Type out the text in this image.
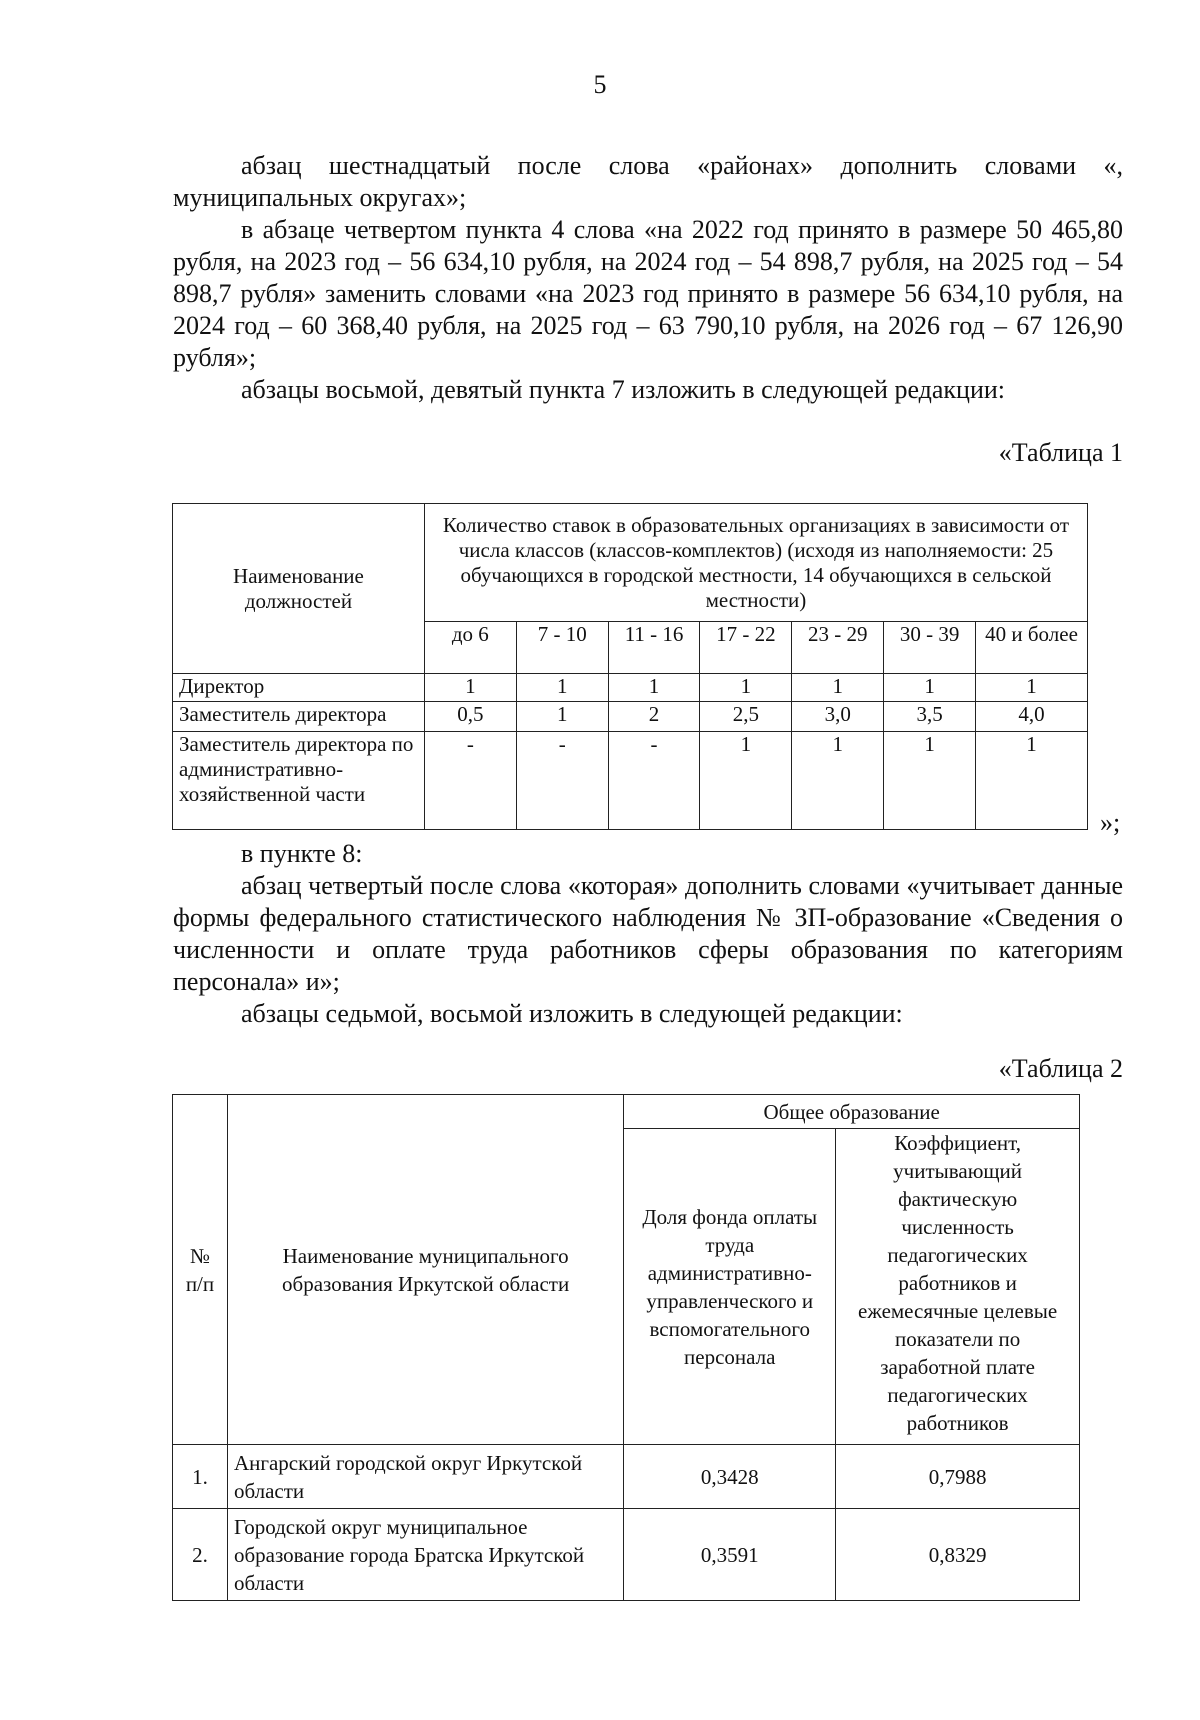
5

абзац шестнадцатый после слова «районах» дополнить словами «, муниципальных округах»;

в абзаце четвертом пункта 4 слова «на 2022 год принято в размере 50 465,80 рубля, на 2023 год – 56 634,10 рубля, на 2024 год – 54 898,7 рубля, на 2025 год – 54 898,7 рубля» заменить словами «на 2023 год принято в размере 56 634,10 рубля, на 2024 год – 60 368,40 рубля, на 2025 год – 63 790,10 рубля, на 2026 год – 67 126,90 рубля»;

абзацы восьмой, девятый пункта 7 изложить в следующей редакции:

«Таблица 1
Наименование должностей	Количество ставок в образовательных организациях в зависимости от числа классов (классов-комплектов) (исходя из наполняемости: 25 обучающихся в городской местности, 14 обучающихся в сельской местности)						
	до 6	7 - 10	11 - 16	17 - 22	23 - 29	30 - 39	40 и более
Директор	1	1	1	1	1	1	1
Заместитель директора	0,5	1	2	2,5	3,0	3,5	4,0
Заместитель директора по административно-хозяйственной части	-	-	-	1	1	1	1
»;

в пункте 8:

абзац четвертый после слова «которая» дополнить словами «учитывает данные формы федерального статистического наблюдения № ЗП-образование «Сведения о численности и оплате труда работников сферы образования по категориям персонала» и»;

абзацы седьмой, восьмой изложить в следующей редакции:

«Таблица 2
№ п/п	Наименование муниципального образования Иркутской области	Общее образование	
		Доля фонда оплаты труда административно-управленческого и вспомогательного персонала	Коэффициент, учитывающий фактическую численность педагогических работников и ежемесячные целевые показатели по заработной плате педагогических работников
1.	Ангарский городской округ Иркутской области	0,3428	0,7988
2.	Городской округ муниципальное образование города Братска Иркутской области	0,3591	0,8329
